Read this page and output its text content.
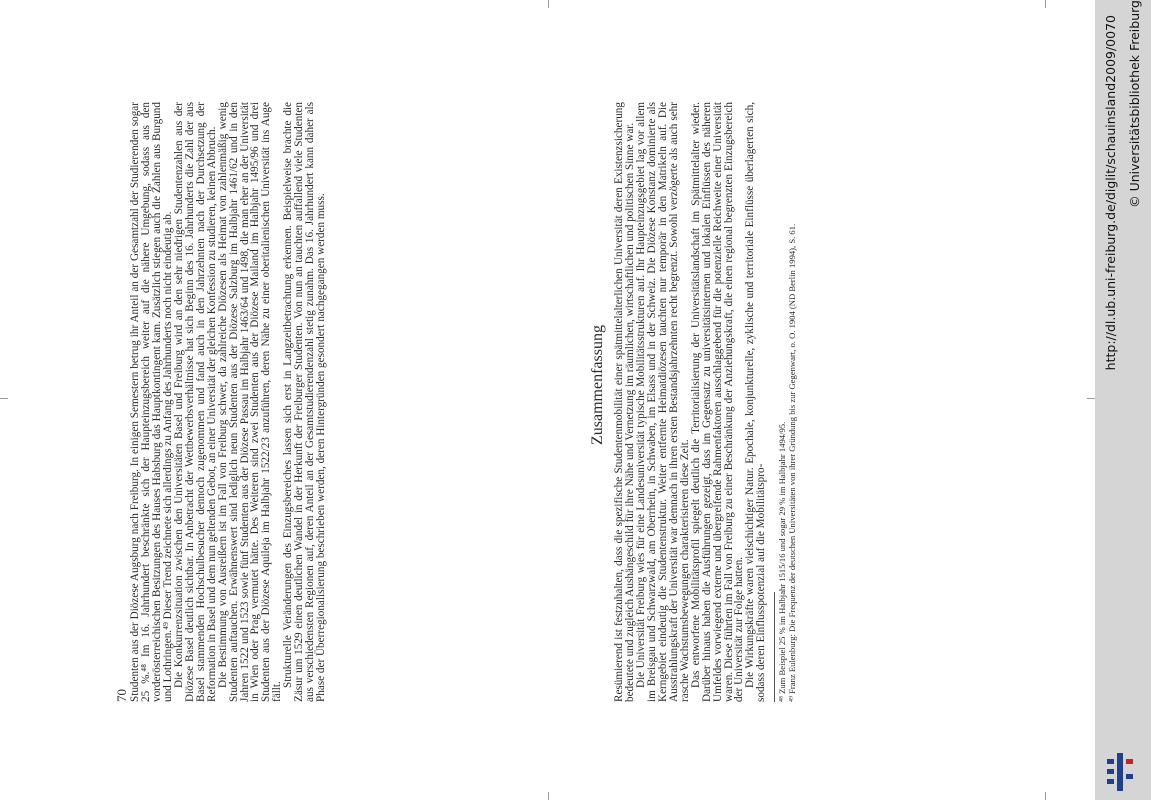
70 Studenten aus der Diözese Augsburg nach Freiburg. In einigen Semestern betrug ihr Anteil an der Gesamtzahl der Studierenden sogar 25 %.⁴⁸ Im 16. Jahrhundert beschränkte sich der Haupteinzugsbereich weiter auf die nähere Umgebung, sodass aus den vorderösterreichischen Besitzungen des Hauses Habsburg das Hauptkontingent kam. Zusätzlich stiegen auch die Zahlen aus Burgund und Lothringen.⁴⁹ Dieser Trend zeichnete sich allerdings zu Anfang des Jahrhunderts noch nicht eindeutig ab.

Die Konkurrenzsituation zwischen den Universitäten Basel und Freiburg wird an den sehr niedrigen Studentenzahlen aus der Diözese Basel deutlich sichtbar. In Anbetracht der Wettbewerbsverhältnisse hat sich Beginn des 16. Jahrhunderts die Zahl der aus Basel stammenden Hochschulbesucher dennoch zugenommen und fand auch in den Jahrzehnten nach der Durchsetzung der Reformation in Basel und dem nun geltenden Gebot, an einer Universität der gleichen Konfession zu studieren, keinen Abbruch.

Die Bestimmung von Ausreißern ist im Fall von Freiburg schwer, da zahlreiche Diözesen als Heimat von zahlenmäßig wenig Studenten auftauchen. Erwähnenswert sind lediglich neun Studenten aus der Diözese Salzburg im Halbjahr 1461/62 und in den Jahren 1522 und 1523 sowie fünf Studenten aus der Diözese Passau im Halbjahr 1463/64 und 1498, die man eher an der Universität in Wien oder Prag vermutet hätte. Des Weiteren sind zwei Studenten aus der Diözese Mailand im Halbjahr 1495/96 und drei Studenten aus der Diözese Aquileja im Halbjahr 1522/23 anzuführen, deren Nähe zu einer oberitalienischen Universität ins Auge fällt.

Strukturelle Veränderungen des Einzugsbereiches lassen sich erst in Langzeitbetrachtung erkennen. Beispielweise brachte die Zäsur um 1529 einen deutlichen Wandel in der Herkunft der Freiburger Studenten. Von nun an tauchten auffallend viele Studenten aus verschiedensten Regionen auf, deren Anteil an der Gesamtstudierendenzahl stetig zunahm. Das 16. Jahrhundert kann daher als Phase der Überregionalisierung beschrieben werden, deren Hintergründen gesondert nachgegangen werden muss.	Zusammenfassung Resümierend ist festzuhalten, dass die spezifische Studentenmobilität einer spätmittelalterlichen Universität deren Existenzsicherung bedeutete und zugleich Aushängeschild für ihre Nähe und Vernetzung im räumlichen, wirtschaftlichen und politischen Sinne war.

Die Universität Freiburg wies für eine Landesuniversität typische Mobilitätsstrukturen auf. Ihr Haupteinzugsgebiet lag vor allem im Breisgau und Schwarzwald, am Oberrhein, in Schwaben, im Elsass und in der Schweiz. Die Diözese Konstanz dominierte als Kerngebiet eindeutig die Studentenstruktur. Weiter entfernte Heimatdiözesen tauchten nur temporär in den Matrikeln auf. Die Ausstrahlungskraft der Universität war demnach in ihren ersten Bestandsjahrzehnten recht begrenzt. Sowohl verzögerte als auch sehr rasche Wachstumsbewegungen charakterisieren diese Zeit.

Das entworfene Mobilitätsprofil spiegelt deutlich die Territorialisierung der Universitätslandschaft im Spätmittelalter wieder. Darüber hinaus haben die Ausführungen gezeigt, dass im Gegensatz zu universitätsinternen und lokalen Einflüssen des näheren Umfeldes vorwiegend externe und übergreifende Rahmenfaktoren ausschlaggebend für die potenzielle Reichweite einer Universität waren. Diese führten im Fall von Freiburg zu einer Beschränkung der Anziehungskraft, die einen regional begrenzten Einzugsbereich der Universität zur Folge hatten.

Die Wirkungskräfte waren vielschichtiger Natur. Epochale, konjunkturelle, zyklische und territoriale Einflüsse überlagerten sich, sodass deren Einflusspotenzial auf die Mobilitätspro- ⁴⁸ Zum Beispiel 25 % im Halbjahr 1515/16 und sogar 29 % im Halbjahr 1494/95. ⁴⁹ Franz Eulenburg: Die Frequenz der deutschen Universitäten von ihrer Gründung bis zur Gegenwart, o. O. 1904 (ND Berlin 1994), S. 61.
http://dl.ub.uni-freiburg.de/diglit/schauinsland2009/0070 © Universitätsbibliothek Freiburg
